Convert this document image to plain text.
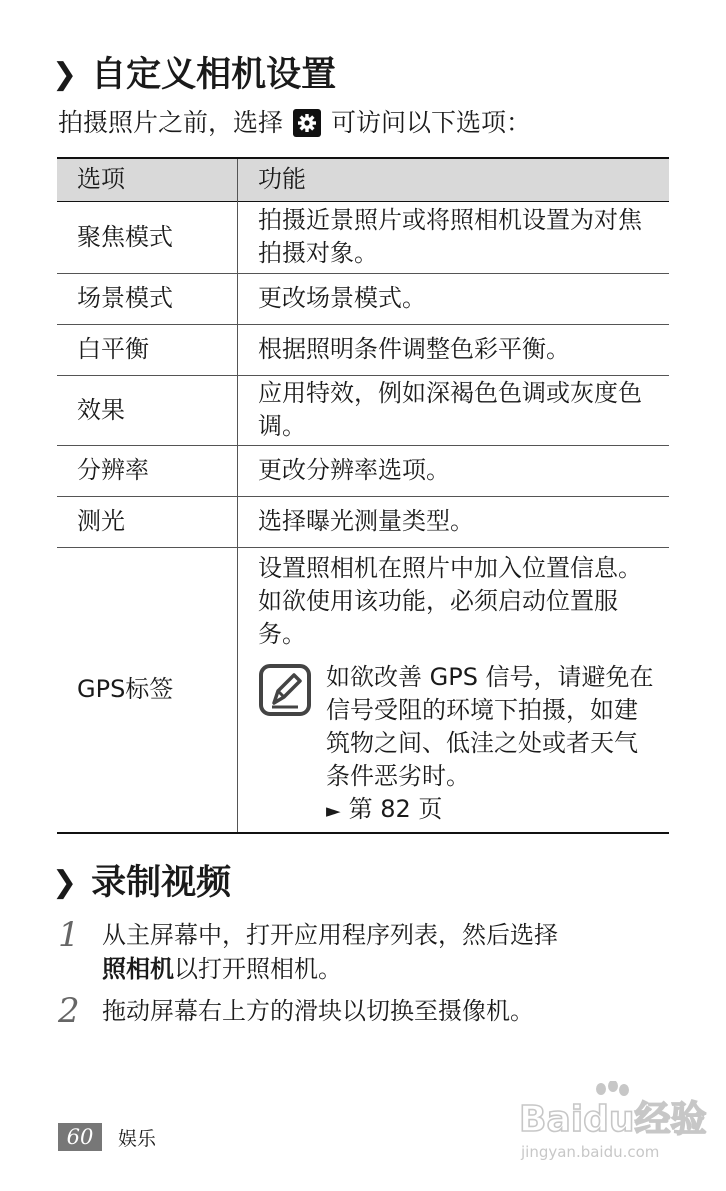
❯ 自定义相机设置
拍摄照片之前，选择 可访问以下选项：
选项	功能
聚焦模式	拍摄近景照片或将照相机设置为对焦拍摄对象。
场景模式	更改场景模式。
白平衡	根据照明条件调整色彩平衡。
效果	应用特效，例如深褐色色调或灰度色调。
分辨率	更改分辨率选项。
测光	选择曝光测量类型。
GPS标签	设置照相机在照片中加入位置信息。如欲使用该功能，必须启动位置服务。
如欲改善 GPS 信号，请避免在信号受阻的环境下拍摄，如建筑物之间、低洼之处或者天气条件恶劣时。
► 第 82 页
❯ 录制视频
1 从主屏幕中，打开应用程序列表，然后选择
照相机以打开照相机。
2 拖动屏幕右上方的滑块以切换至摄像机。
60	娱乐	Baidu经验
jingyan.baidu.com
